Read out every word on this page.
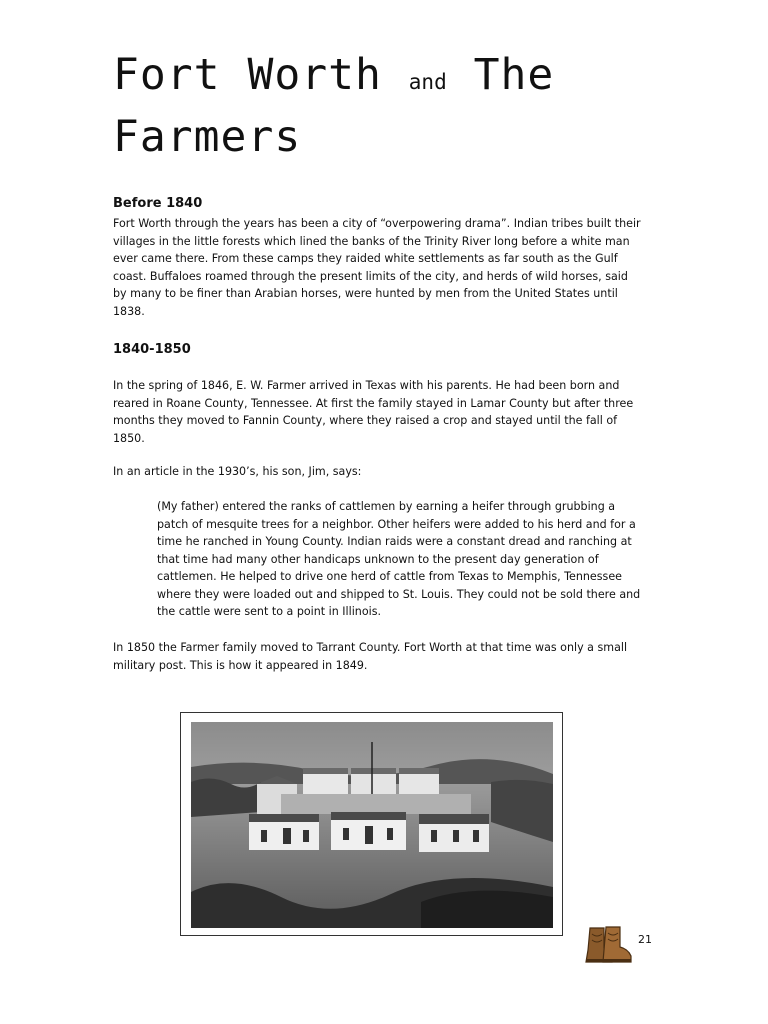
Fort Worth and The
Farmers
Before 1840

Fort Worth through the years has been a city of “overpowering drama”. Indian tribes built their villages in the little forests which lined the banks of the Trinity River long before a white man ever came there. From these camps they raided white settlements as far south as the Gulf coast. Buffaloes roamed through the present limits of the city, and herds of wild horses, said by many to be finer than Arabian horses, were hunted by men from the United States until 1838.

1840-1850

In the spring of 1846, E. W. Farmer arrived in Texas with his parents. He had been born and reared in Roane County, Tennessee. At first the family stayed in Lamar County but after three months they moved to Fannin County, where they raised a crop and stayed until the fall of 1850.

In an article in the 1930’s, his son, Jim, says:

(My father) entered the ranks of cattlemen by earning a heifer through grubbing a patch of mesquite trees for a neighbor. Other heifers were added to his herd and for a time he ranched in Young County. Indian raids were a constant dread and ranching at that time had many other handicaps unknown to the present day generation of cattlemen. He helped to drive one herd of cattle from Texas to Memphis, Tennessee where they were loaded out and shipped to St. Louis. They could not be sold there and the cattle were sent to a point in Illinois.

In 1850 the Farmer family moved to Tarrant County. Fort Worth at that time was only a small military post. This is how it appeared in 1849.

21
